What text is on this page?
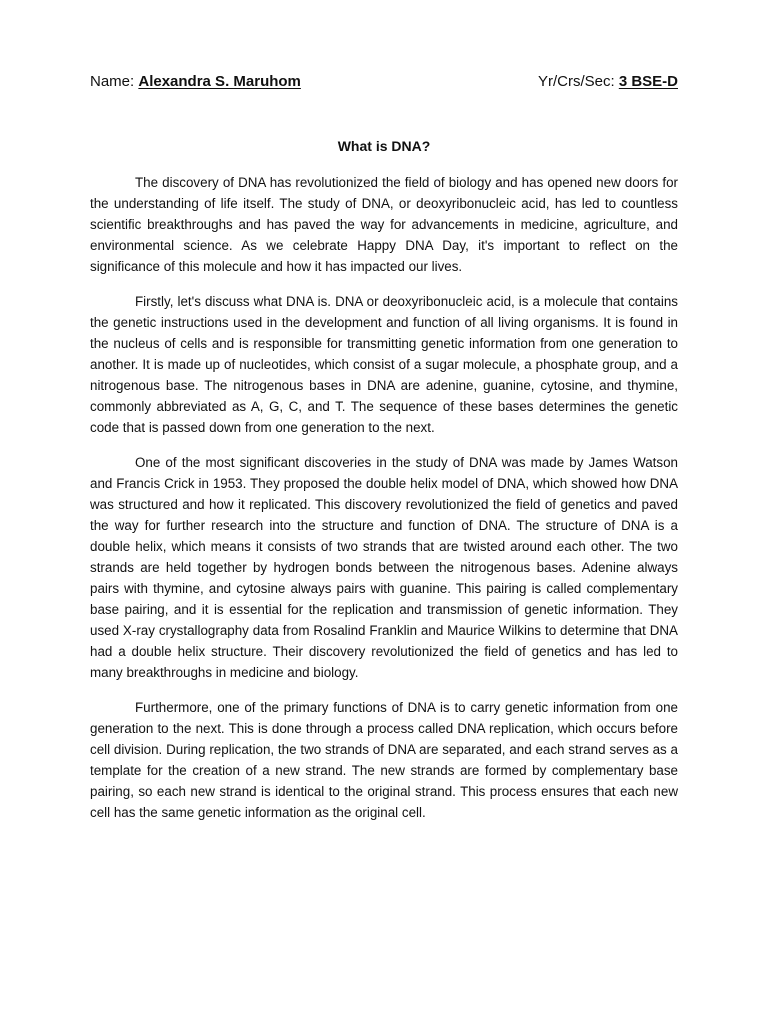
Name: Alexandra S. Maruhom	Yr/Crs/Sec: 3 BSE-D
What is DNA?

The discovery of DNA has revolutionized the field of biology and has opened new doors for the understanding of life itself. The study of DNA, or deoxyribonucleic acid, has led to countless scientific breakthroughs and has paved the way for advancements in medicine, agriculture, and environmental science. As we celebrate Happy DNA Day, it's important to reflect on the significance of this molecule and how it has impacted our lives.

Firstly, let's discuss what DNA is. DNA or deoxyribonucleic acid, is a molecule that contains the genetic instructions used in the development and function of all living organisms. It is found in the nucleus of cells and is responsible for transmitting genetic information from one generation to another. It is made up of nucleotides, which consist of a sugar molecule, a phosphate group, and a nitrogenous base. The nitrogenous bases in DNA are adenine, guanine, cytosine, and thymine, commonly abbreviated as A, G, C, and T. The sequence of these bases determines the genetic code that is passed down from one generation to the next.

One of the most significant discoveries in the study of DNA was made by James Watson and Francis Crick in 1953. They proposed the double helix model of DNA, which showed how DNA was structured and how it replicated. This discovery revolutionized the field of genetics and paved the way for further research into the structure and function of DNA. The structure of DNA is a double helix, which means it consists of two strands that are twisted around each other. The two strands are held together by hydrogen bonds between the nitrogenous bases. Adenine always pairs with thymine, and cytosine always pairs with guanine. This pairing is called complementary base pairing, and it is essential for the replication and transmission of genetic information. They used X-ray crystallography data from Rosalind Franklin and Maurice Wilkins to determine that DNA had a double helix structure. Their discovery revolutionized the field of genetics and has led to many breakthroughs in medicine and biology.

Furthermore, one of the primary functions of DNA is to carry genetic information from one generation to the next. This is done through a process called DNA replication, which occurs before cell division. During replication, the two strands of DNA are separated, and each strand serves as a template for the creation of a new strand. The new strands are formed by complementary base pairing, so each new strand is identical to the original strand. This process ensures that each new cell has the same genetic information as the original cell.
